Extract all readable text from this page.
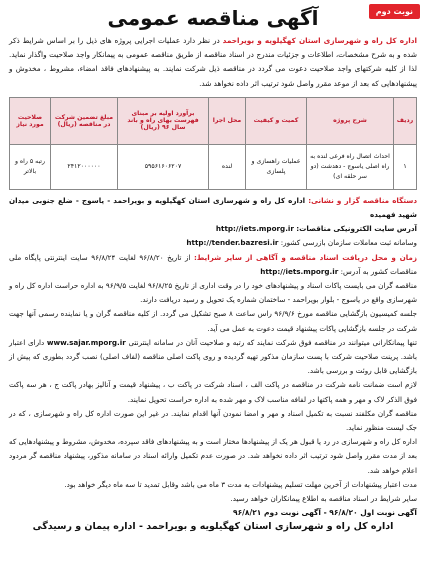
نوبت دوم
آگهی مناقصه عمومی
اداره کل راه و شهرسازی استان کهگیلویه و بویراحمد در نظر دارد عملیات اجرایی پروژه های ذیل را بر اساس شرایط ذکر شده و به شرح مشخصات، اطلاعات و جزئیات مندرج در اسناد مناقصه از طریق مناقصه عمومی به پیمانکار واجد صلاحیت واگذار نماید. لذا از کلیه شرکتهای واجد صلاحیت دعوت می گردد در مناقصه ذیل شرکت نمایند. به پیشنهادهای فاقد امضاء، مشروط ، مخدوش و پیشنهادهایی که بعد از موعد مقرر واصل شود ترتیب اثر داده نخواهد شد.
ردیف	شرح پروژه	کمیت و کیفیت	محل اجرا	برآورد اولیه بر مبنای فهرست بهای راه و باند سال ۹۶ (ریال)	مبلغ تضمین شرکت در مناقصه (ریال)	صلاحیت مورد نیاز
۱	احداث اتصال راه فرعی لنده به راه اصلی یاسوج - دهدشت (دو سر حلقه ای)	عملیات راهسازی و پلسازی	لنده	۵۹۵۶۱۶۰۶۲۰۷	۲۴۱۲۰۰۰۰۰۰	رتبه ۵ راه و بالاتر

دستگاه مناقصه گزار و نشانی: اداره کل راه و شهرسازی استان کهگیلویه و بویراحمد - یاسوج - ضلع جنوبی میدان شهید فهمیده

آدرس سایت الکترونیکی مناقصات: http://iets.mporg.ir

وسامانه ثبت معاملات سازمان بازرسی کشور: http://tender.bazresi.ir

زمان و محل دریافت اسناد مناقصه و آگاهی از سایر شرایط: از تاریخ ۹۶/۸/۲۰ لغایت ۹۶/۸/۲۴ سایت اینترنتی پایگاه ملی مناقصات کشور به آدرس: http://iets.mporg.ir

مناقصه گران می بایست پاکات اسناد و پیشنهادهای خود را در وقت اداری از تاریخ ۹۶/۸/۲۵ لغایت ۹۶/۹/۵ به اداره حراست اداره کل راه و شهرسازی واقع در یاسوج - بلوار بویراحمد - ساختمان شماره یک تحویل و رسید دریافت دارند.

جلسه کمیسیون بازگشایی مناقصه مورخ ۹۶/۹/۶ راس ساعت ۸ صبح تشکیل می گردد. از کلیه مناقصه گران و یا نماینده رسمی آنها جهت شرکت در جلسه بازگشایی پاکات پیشنهاد قیمت دعوت به عمل می آید.

تنها پیمانکارانی میتوانند در مناقصه فوق شرکت نمایند که رتبه و صلاحیت آنان در سامانه اینترنتی www.sajar.mporg.ir دارای اعتبار باشد. پرینت صلاحیت شرکت با پست سازمان مذکور تهیه گردیده و روی پاکت اصلی مناقصه (لفاف اصلی) نصب گردد بطوری که پیش از بازگشایی قابل روئت و بررسی باشد.

لازم است ضمانت نامه شرکت در مناقصه در پاکت الف ، اسناد شرکت در پاکت ب ، پیشنهاد قیمت و آنالیز بهادر پاکت ج ، هر سه پاکت فوق الذکر لاک و مهر و همه پاکتها در لفافه مناسب لاک و مهر شده به اداره حراست تحویل نمایند.

مناقصه گران مکلفند نسبت به تکمیل اسناد و مهر و امضا نمودن آنها اقدام نمایند. در غیر این صورت اداره کل راه و شهرسازی ، که در جک لیست منظور نماید.

اداره کل راه و شهرسازی در رد یا قبول هر یک از پیشنهادها مختار است و به پیشنهادهای فاقد سپرده، مخدوش، مشروط و پیشنهادهایی که بعد از مدت مقرر واصل شود ترتیب اثر داده نخواهد شد. در صورت عدم تکمیل وارائه اسناد در سامانه مذکور، پیشنهاد مناقصه گر مردود اعلام خواهد شد.

مدت اعتبار پیشنهادات از آخرین مهلت تسلیم پیشنهادات به مدت ۳ ماه می باشد وقابل تمدید تا سه ماه دیگر خواهد بود.

سایر شرایط در اسناد مناقصه به اطلاع پیمانکاران خواهد رسید.

آگهی نوبت اول ۹۶/۸/۲۰ - آگهی نوبت دوم ۹۶/۸/۲۱
اداره کل راه و شهرسازی استان کهگیلویه و بویراحمد - اداره پیمان و رسیدگی
